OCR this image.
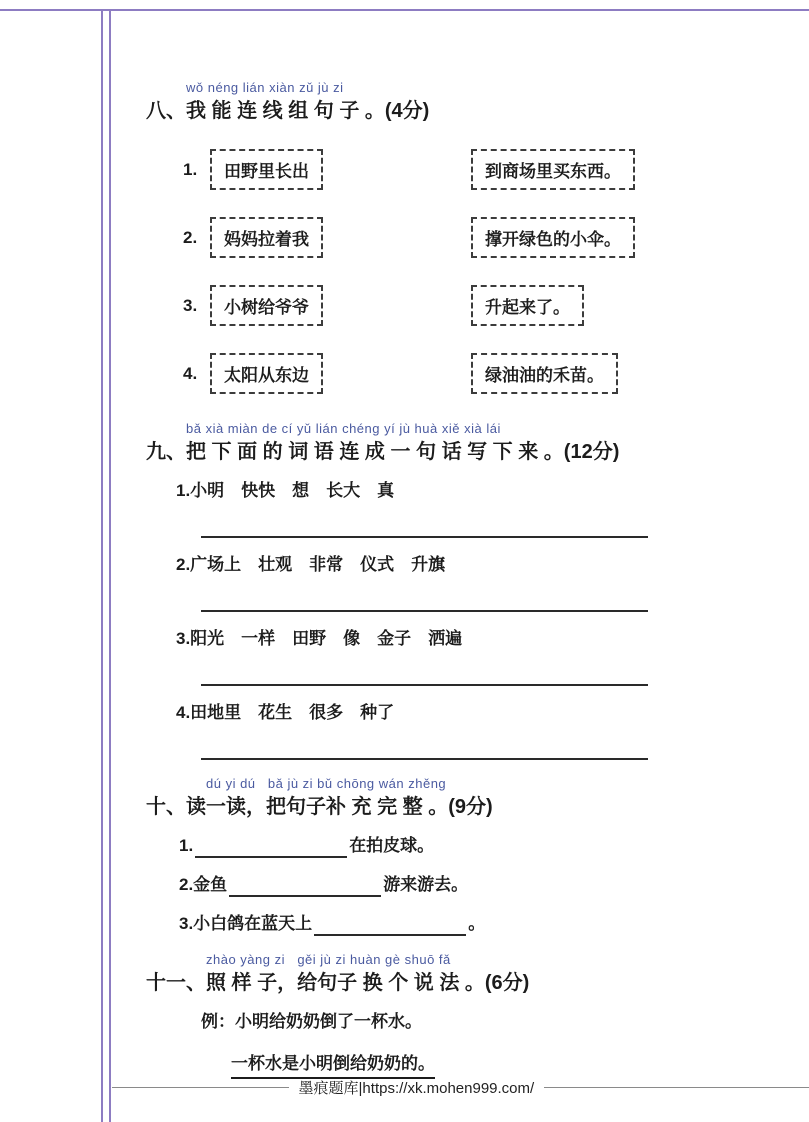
wǒ néng lián xiàn zǔ jù zi
八、我 能 连 线 组 句 子 。(4分)
1.	田野里长出	到商场里买东西。
2.	妈妈拉着我	撑开绿色的小伞。
3.	小树给爷爷	升起来了。
4.	太阳从东边	绿油油的禾苗。
bǎ xià miàn de cí yǔ lián chéng yí jù huà xiě xià lái
九、把 下 面 的 词 语 连 成 一 句 话 写 下 来 。(12分)
1.小明　快快　想　长大　真
2.广场上　壮观　非常　仪式　升旗
3.阳光　一样　田野　像　金子　洒遍
4.田地里　花生　很多　种了
dú yi dú   bǎ jù zi bǔ chōng wán zhěng
十、读一读，把句子补 充 完 整 。(9分)
1.	在拍皮球。
2.金鱼	游来游去。
3.小白鸽在蓝天上	。
zhào yàng zi   gěi jù zi huàn gè shuō fǎ
十一、照 样 子，给句子 换 个 说 法 。(6分)
例：小明给奶奶倒了一杯水。
一杯水是小明倒给奶奶的。
墨痕题库|https://xk.mohen999.com/
